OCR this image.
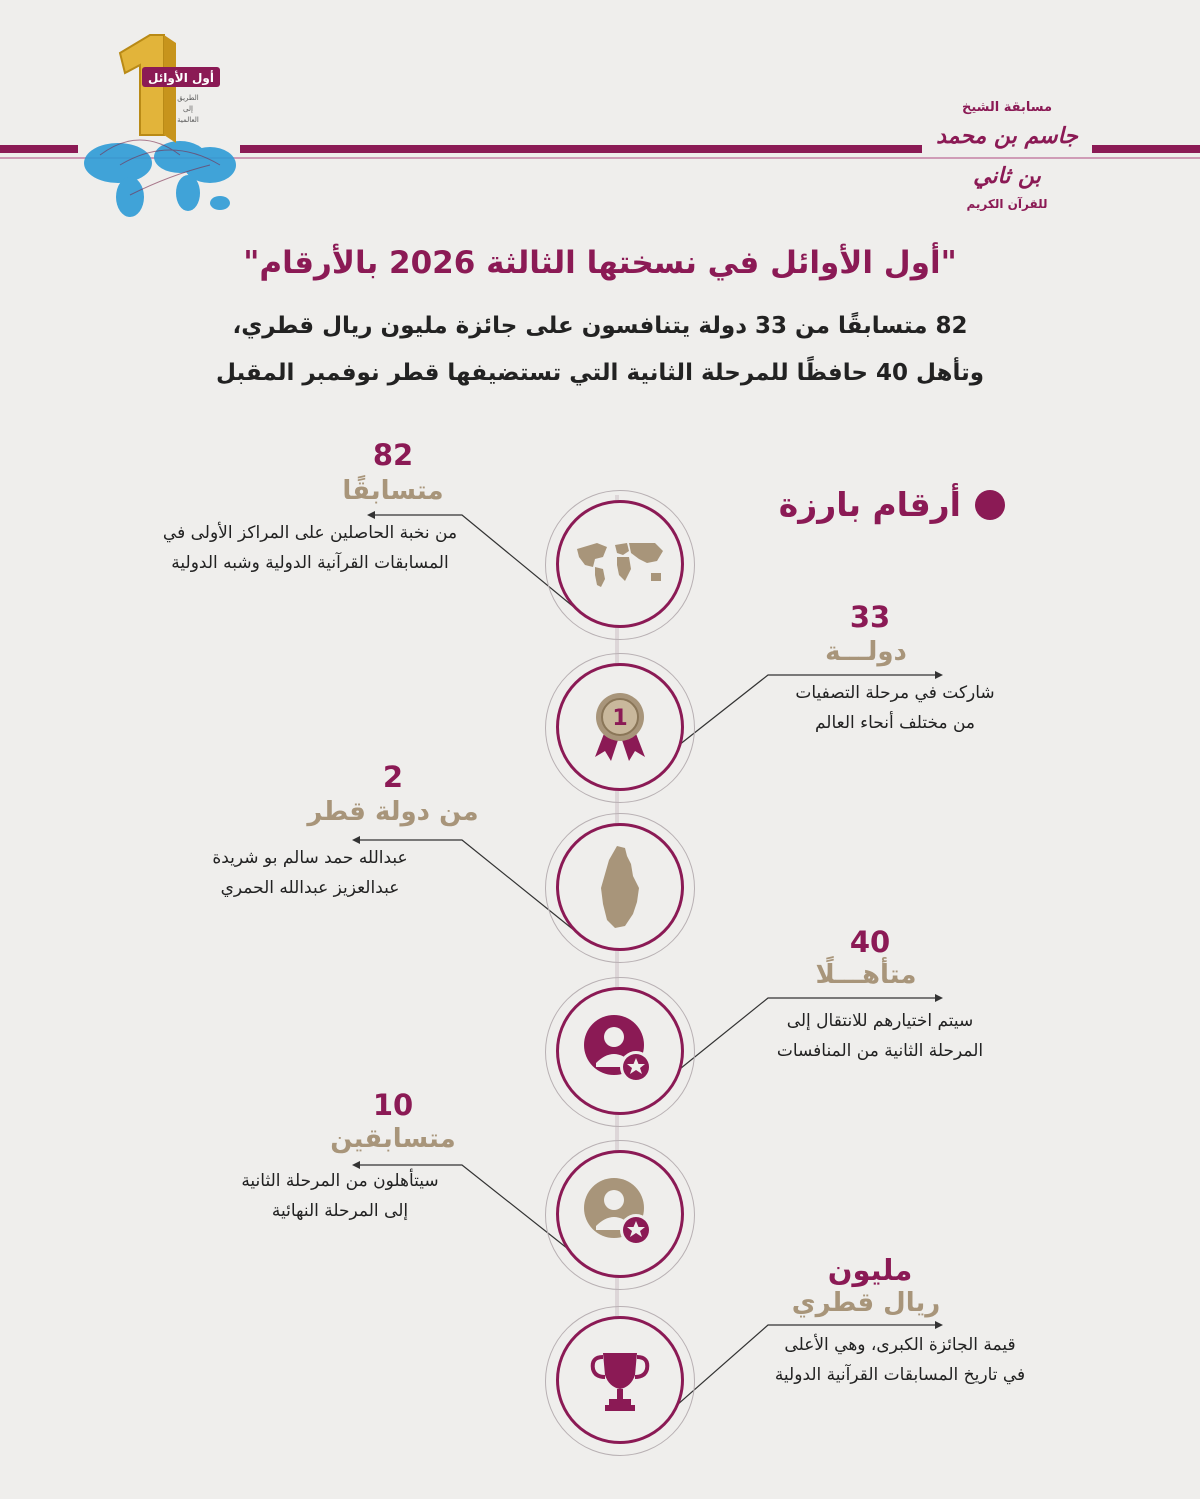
أول الأوائل
الطريق
إلى
العالمية
مسابقة الشيخ
جاسم بن محمد بن ثاني
للقرآن الكريم
"أول الأوائل في نسختها الثالثة 2026 بالأرقام"
82 متسابقًا من 33 دولة يتنافسون على جائزة مليون ريال قطري،
وتأهل 40 حافظًا للمرحلة الثانية التي تستضيفها قطر نوفمبر المقبل
أرقام بارزة
82
متسابقًا
من نخبة الحاصلين على المراكز الأولى في
المسابقات القرآنية الدولية وشبه الدولية
1
33
دولـــة
شاركت في مرحلة التصفيات
من مختلف أنحاء العالم
2
من دولة قطر
عبدالله حمد سالم بو شريدة
عبدالعزيز عبدالله الحمري
40
متأهـــلًا
سيتم اختيارهم للانتقال إلى
المرحلة الثانية من المنافسات
10
متسابقين
سيتأهلون من المرحلة الثانية
إلى المرحلة النهائية
مليون
ريال قطري
قيمة الجائزة الكبرى، وهي الأعلى
في تاريخ المسابقات القرآنية الدولية
